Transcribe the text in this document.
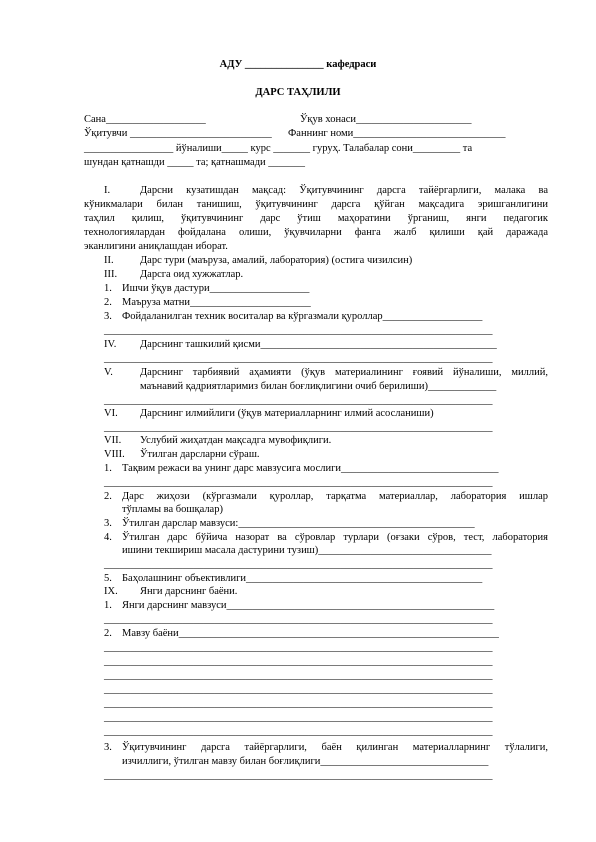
АДУ _______________ кафедраси
ДАРС ТАҲЛИЛИ
Сана___________________	Ўқув хонаси______________________
Ўқитувчи ___________________________ Фаннинг номи_____________________________
_________________ йўналиши_____ курс _______ гуруҳ. Талабалар сони_________ та
шундан қатнашди _____ та; қатнашмади _______
I.	Дарсни кузатишдан мақсад: Ўқитувчининг дарсга тайёргарлиги, малака ва
кўникмалари билан танишиш, ўқитувчининг дарсга қўйган мақсадига эришганлигини
таҳлил қилиш, ўқитувчининг дарс ўтиш маҳоратини ўрганиш, янги педагогик
технологиялардан фойдалана олиши, ўқувчиларни фанга жалб қилиши қай даражада
эканлигини аниқлашдан иборат.
II.	Дарс тури (маъруза, амалий, лаборатория) (остига чизилсин)
III. Дарсга оид хужжатлар.
1. Ишчи ўқув дастури___________________
2. Маъруза матни_______________________
3. Фойдаланилган техник воситалар ва кўргазмали қуроллар___________________
__________________________________________________________________________
IV. Дарснинг ташкилий қисми_____________________________________________
__________________________________________________________________________
V.	Дарснинг тарбиявий аҳамияти (ўқув материалининг ғоявий йўналиши, миллий,
маънавий қадриятларимиз билан боғлиқлигини очиб берилиши)_____________
__________________________________________________________________________
VI. Дарснинг илмийлиги (ўқув материалларнинг илмий асосланиши)
__________________________________________________________________________
VII. Услубий жиҳатдан мақсадга мувофиқлиги.
VIII. Ўтилган дарсларни сўраш.
1. Тақвим режаси ва унинг дарс мавзусига мослиги______________________________
__________________________________________________________________________
2. Дарс жиҳози (кўргазмали қуроллар, тарқатма материаллар, лаборатория ишлар
тўпламы ва бошқалар)
3. Ўтилган дарслар мавзуси:_____________________________________________
4. Ўтилган дарс бўйича назорат ва сўровлар турлари (оғзаки сўров, тест, лаборатория
ишини текшириш масала дастурини тузиш)_________________________________
__________________________________________________________________________
5. Баҳолашнинг объективлиги_____________________________________________
IX. Янги дарснинг баёни.
1. Янги дарснинг мавзуси___________________________________________________
__________________________________________________________________________
2. Мавзу баёни_____________________________________________________________
__________________________________________________________________________
__________________________________________________________________________
__________________________________________________________________________
__________________________________________________________________________
__________________________________________________________________________
__________________________________________________________________________
__________________________________________________________________________
3. Ўқитувчининг дарсга тайёргарлиги, баён қилинган материалларнинг тўлалиги,
изчиллиги, ўтилган мавзу билан боғлиқлиги________________________________
__________________________________________________________________________
